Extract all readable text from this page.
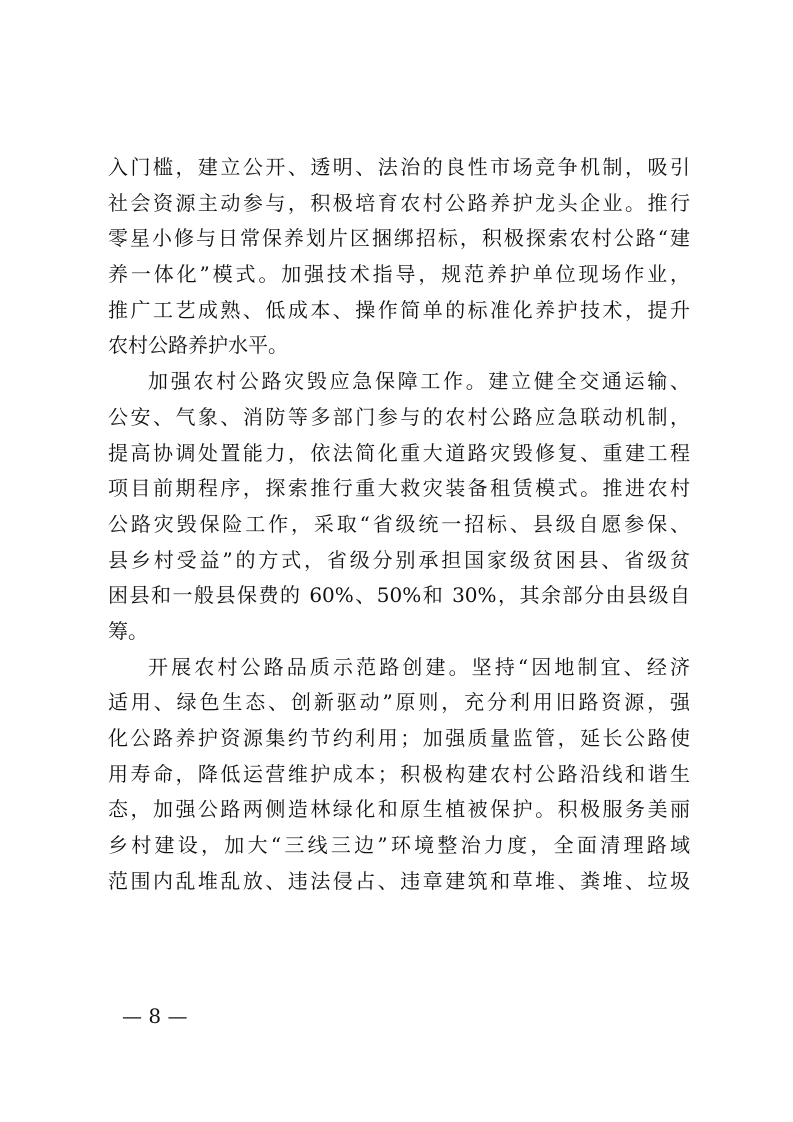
入门槛，建立公开、透明、法治的良性市场竞争机制，吸引
社会资源主动参与，积极培育农村公路养护龙头企业。推行
零星小修与日常保养划片区捆绑招标，积极探索农村公路“建
养一体化”模式。加强技术指导，规范养护单位现场作业，
推广工艺成熟、低成本、操作简单的标准化养护技术，提升
农村公路养护水平。
加强农村公路灾毁应急保障工作。建立健全交通运输、
公安、气象、消防等多部门参与的农村公路应急联动机制，
提高协调处置能力，依法简化重大道路灾毁修复、重建工程
项目前期程序，探索推行重大救灾装备租赁模式。推进农村
公路灾毁保险工作，采取“省级统一招标、县级自愿参保、
县乡村受益”的方式，省级分别承担国家级贫困县、省级贫
困县和一般县保费的 60%、50%和 30%，其余部分由县级自
筹。
开展农村公路品质示范路创建。坚持“因地制宜、经济
适用、绿色生态、创新驱动”原则，充分利用旧路资源，强
化公路养护资源集约节约利用；加强质量监管，延长公路使
用寿命，降低运营维护成本；积极构建农村公路沿线和谐生
态，加强公路两侧造林绿化和原生植被保护。积极服务美丽
乡村建设，加大“三线三边”环境整治力度，全面清理路域
范围内乱堆乱放、违法侵占、违章建筑和草堆、粪堆、垃圾
— 8 —
